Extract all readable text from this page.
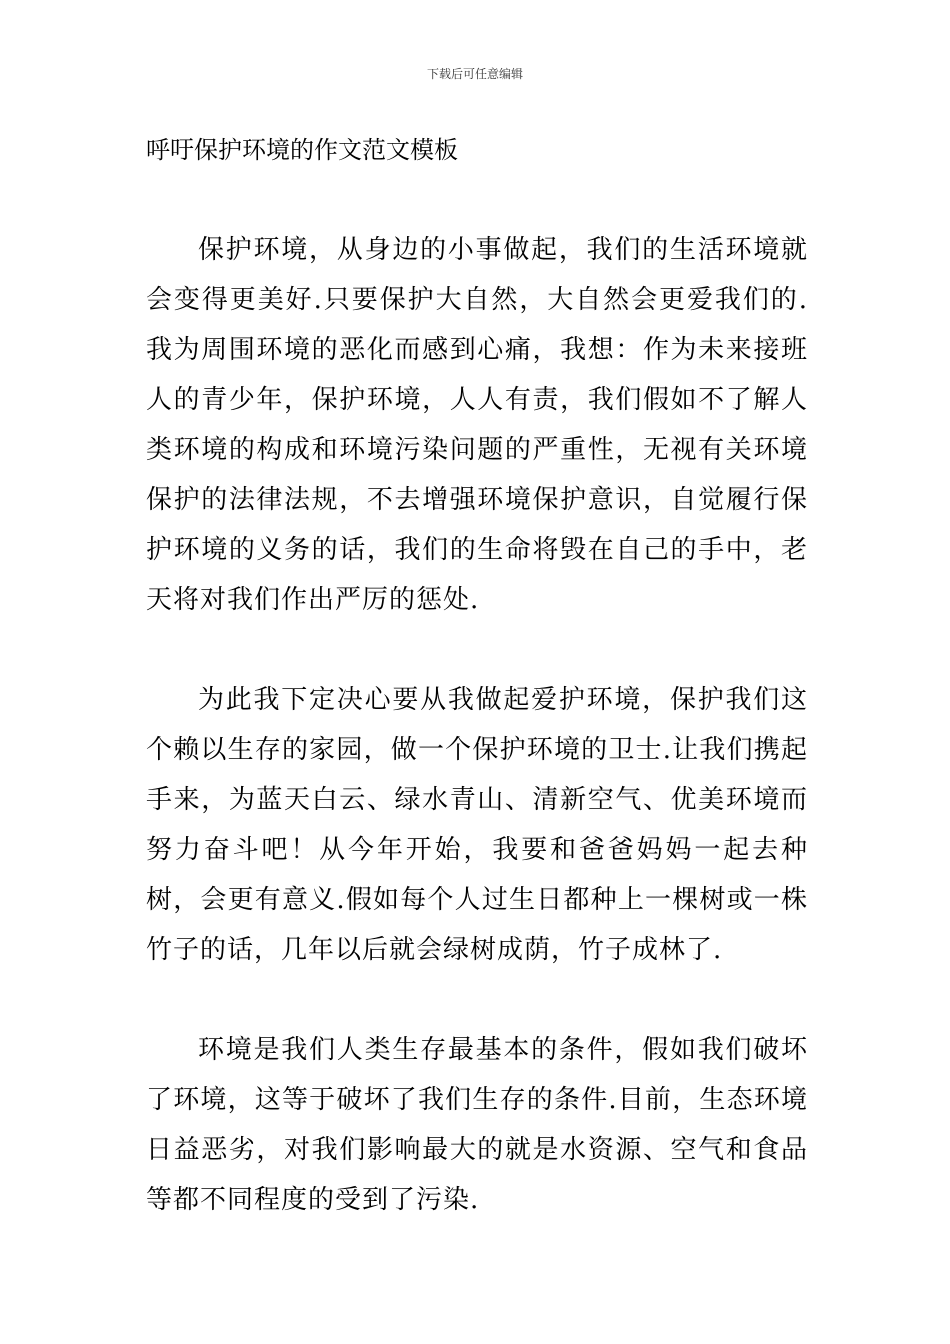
下载后可任意编辑
呼吁保护环境的作文范文模板

保护环境，从身边的小事做起，我们的生活环境就会变得更美好.只要保护大自然，大自然会更爱我们的.我为周围环境的恶化而感到心痛，我想：作为未来接班人的青少年，保护环境，人人有责，我们假如不了解人类环境的构成和环境污染问题的严重性，无视有关环境保护的法律法规，不去增强环境保护意识，自觉履行保护环境的义务的话，我们的生命将毁在自己的手中，老天将对我们作出严厉的惩处.

为此我下定决心要从我做起爱护环境，保护我们这个赖以生存的家园，做一个保护环境的卫士.让我们携起手来，为蓝天白云、绿水青山、清新空气、优美环境而努力奋斗吧！从今年开始，我要和爸爸妈妈一起去种树，会更有意义.假如每个人过生日都种上一棵树或一株竹子的话，几年以后就会绿树成荫，竹子成林了.

环境是我们人类生存最基本的条件，假如我们破坏了环境，这等于破坏了我们生存的条件.目前，生态环境日益恶劣，对我们影响最大的就是水资源、空气和食品等都不同程度的受到了污染.
